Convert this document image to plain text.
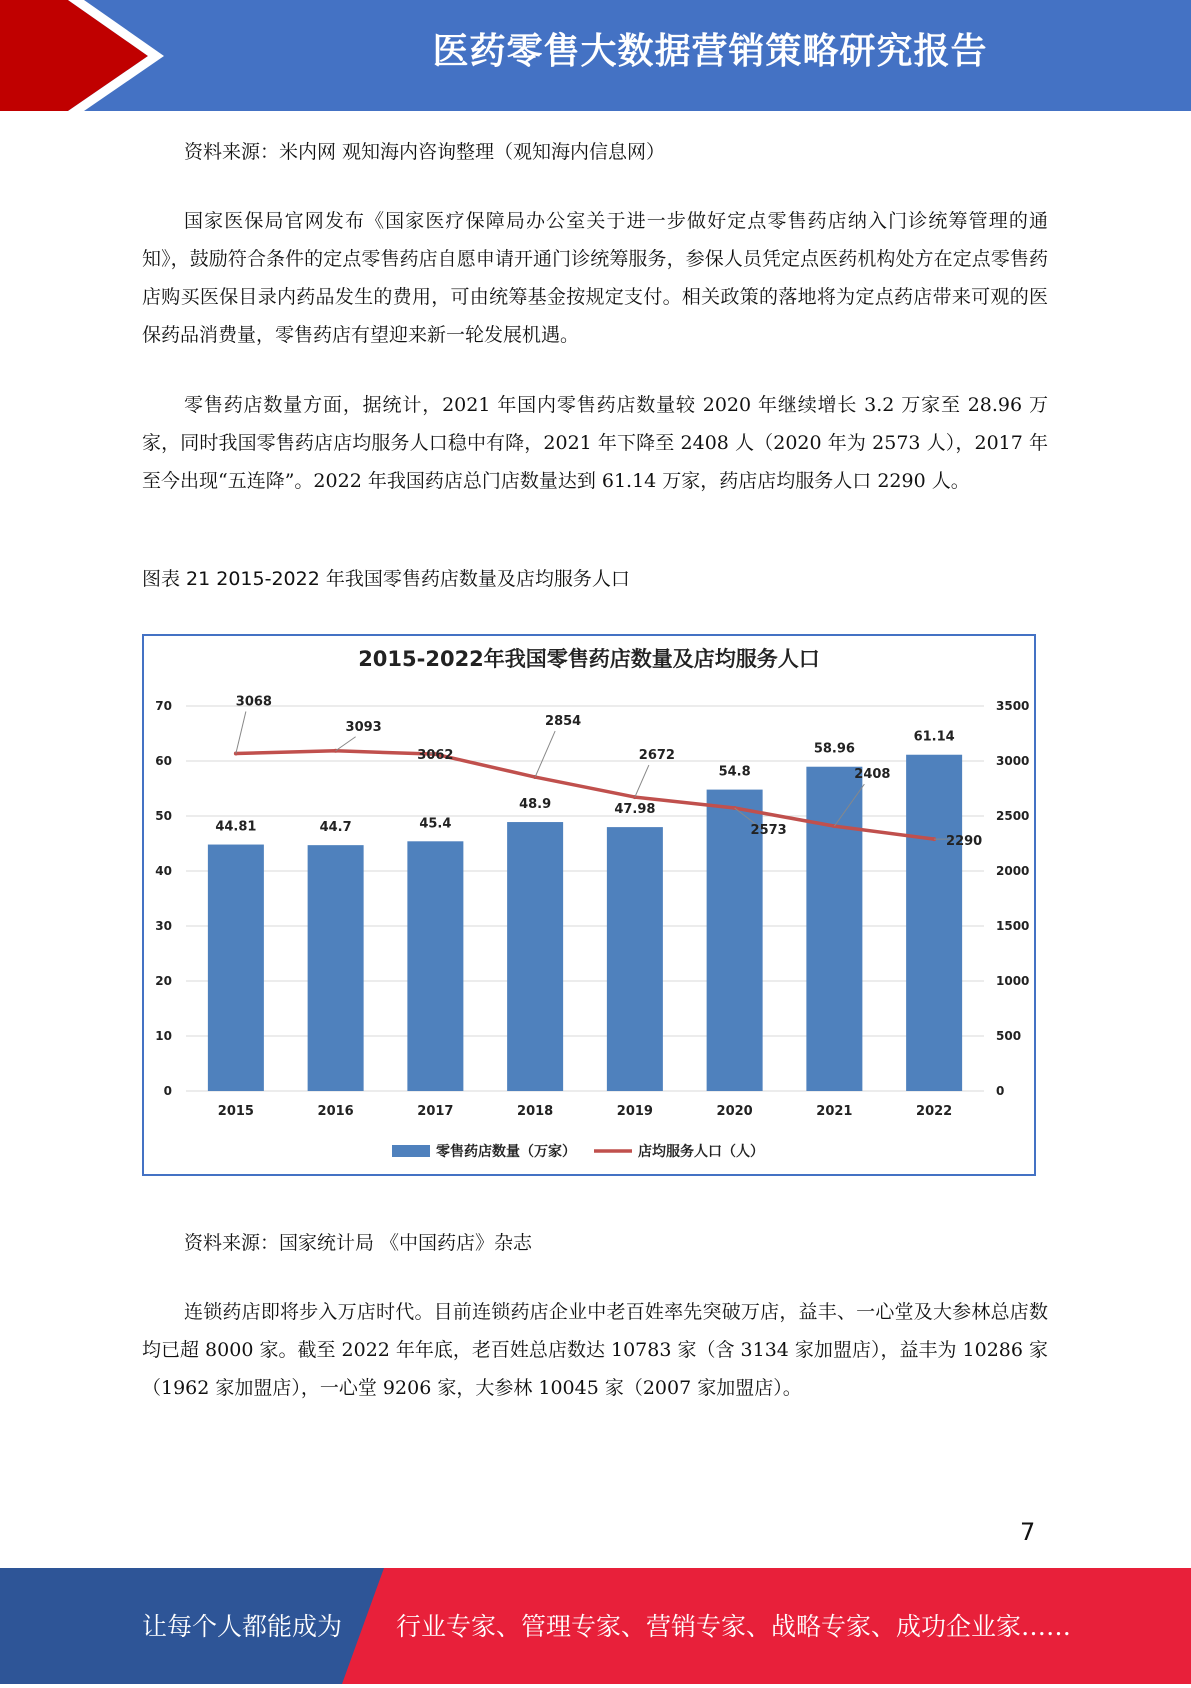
医药零售大数据营销策略研究报告

资料来源：米内网 观知海内咨询整理（观知海内信息网）

国家医保局官网发布《国家医疗保障局办公室关于进一步做好定点零售药店纳入门诊统筹管理的通知》，鼓励符合条件的定点零售药店自愿申请开通门诊统筹服务，参保人员凭定点医药机构处方在定点零售药店购买医保目录内药品发生的费用，可由统筹基金按规定支付。相关政策的落地将为定点药店带来可观的医保药品消费量，零售药店有望迎来新一轮发展机遇。

零售药店数量方面，据统计，2021 年国内零售药店数量较 2020 年继续增长 3.2 万家至 28.96 万家，同时我国零售药店店均服务人口稳中有降，2021 年下降至 2408 人（2020 年为 2573 人），2017 年至今出现“五连降”。2022 年我国药店总门店数量达到 61.14 万家，药店店均服务人口 2290 人。

图表 21 2015-2022 年我国零售药店数量及店均服务人口

2015-2022年我国零售药店数量及店均服务人口
0
10
20
30
40
50
60
70
0
500
1000
1500
2000
2500
3000
3500
44.81	44.7	45.4
48.9	47.98
54.8
58.96
61.14
2015	2016	2017	2018	2019	2020	2021	2022
3068
3093
3062
2854
2672
2573
2408
2290
零售药店数量（万家）	店均服务人口（人）

资料来源：国家统计局 《中国药店》杂志

连锁药店即将步入万店时代。目前连锁药店企业中老百姓率先突破万店，益丰、一心堂及大参林总店数均已超 8000 家。截至 2022 年年底，老百姓总店数达 10783 家（含 3134 家加盟店），益丰为 10286 家（1962 家加盟店），一心堂 9206 家，大参林 10045 家（2007 家加盟店）。

7
让每个人都能成为 行业专家、管理专家、营销专家、战略专家、成功企业家……
